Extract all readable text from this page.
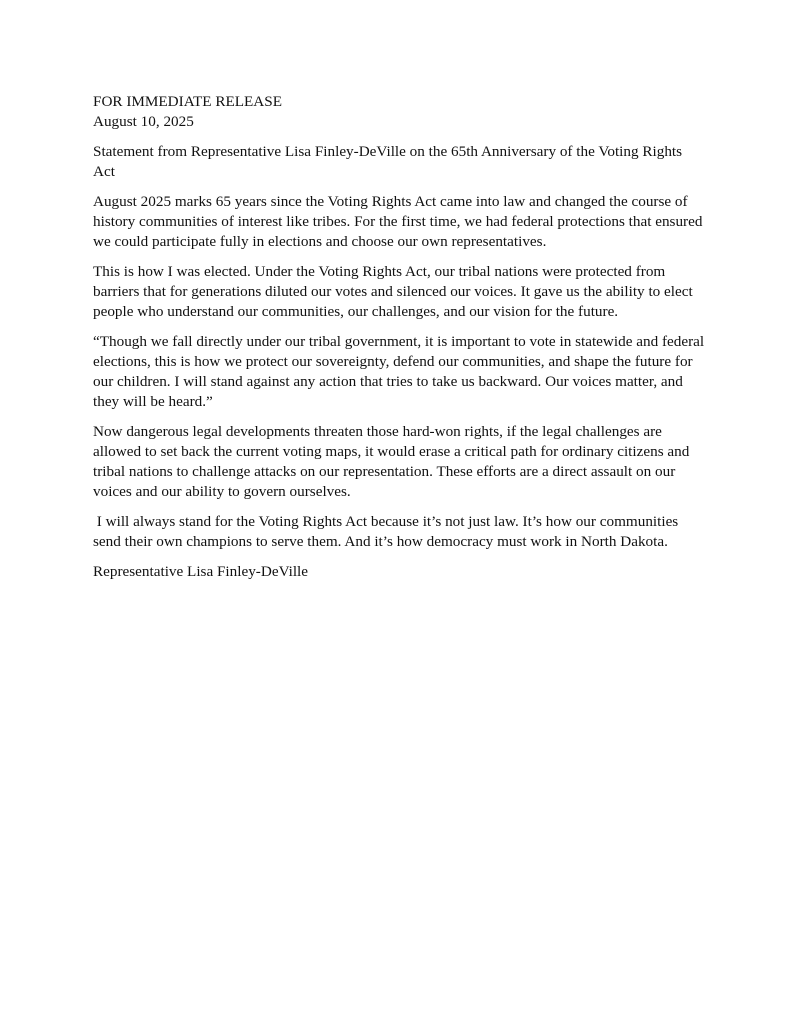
FOR IMMEDIATE RELEASE
August 10, 2025

Statement from Representative Lisa Finley-DeVille on the 65th Anniversary of the Voting Rights Act

August 2025 marks 65 years since the Voting Rights Act came into law and changed the course of history communities of interest like tribes. For the first time, we had federal protections that ensured we could participate fully in elections and choose our own representatives.

This is how I was elected. Under the Voting Rights Act, our tribal nations were protected from barriers that for generations diluted our votes and silenced our voices. It gave us the ability to elect people who understand our communities, our challenges, and our vision for the future.

“Though we fall directly under our tribal government, it is important to vote in statewide and federal elections, this is how we protect our sovereignty, defend our communities, and shape the future for our children. I will stand against any action that tries to take us backward. Our voices matter, and they will be heard.”

Now dangerous legal developments threaten those hard-won rights, if the legal challenges are allowed to set back the current voting maps, it would erase a critical path for ordinary citizens and tribal nations to challenge attacks on our representation. These efforts are a direct assault on our voices and our ability to govern ourselves.

I will always stand for the Voting Rights Act because it’s not just law. It’s how our communities send their own champions to serve them. And it’s how democracy must work in North Dakota.

Representative Lisa Finley-DeVille
